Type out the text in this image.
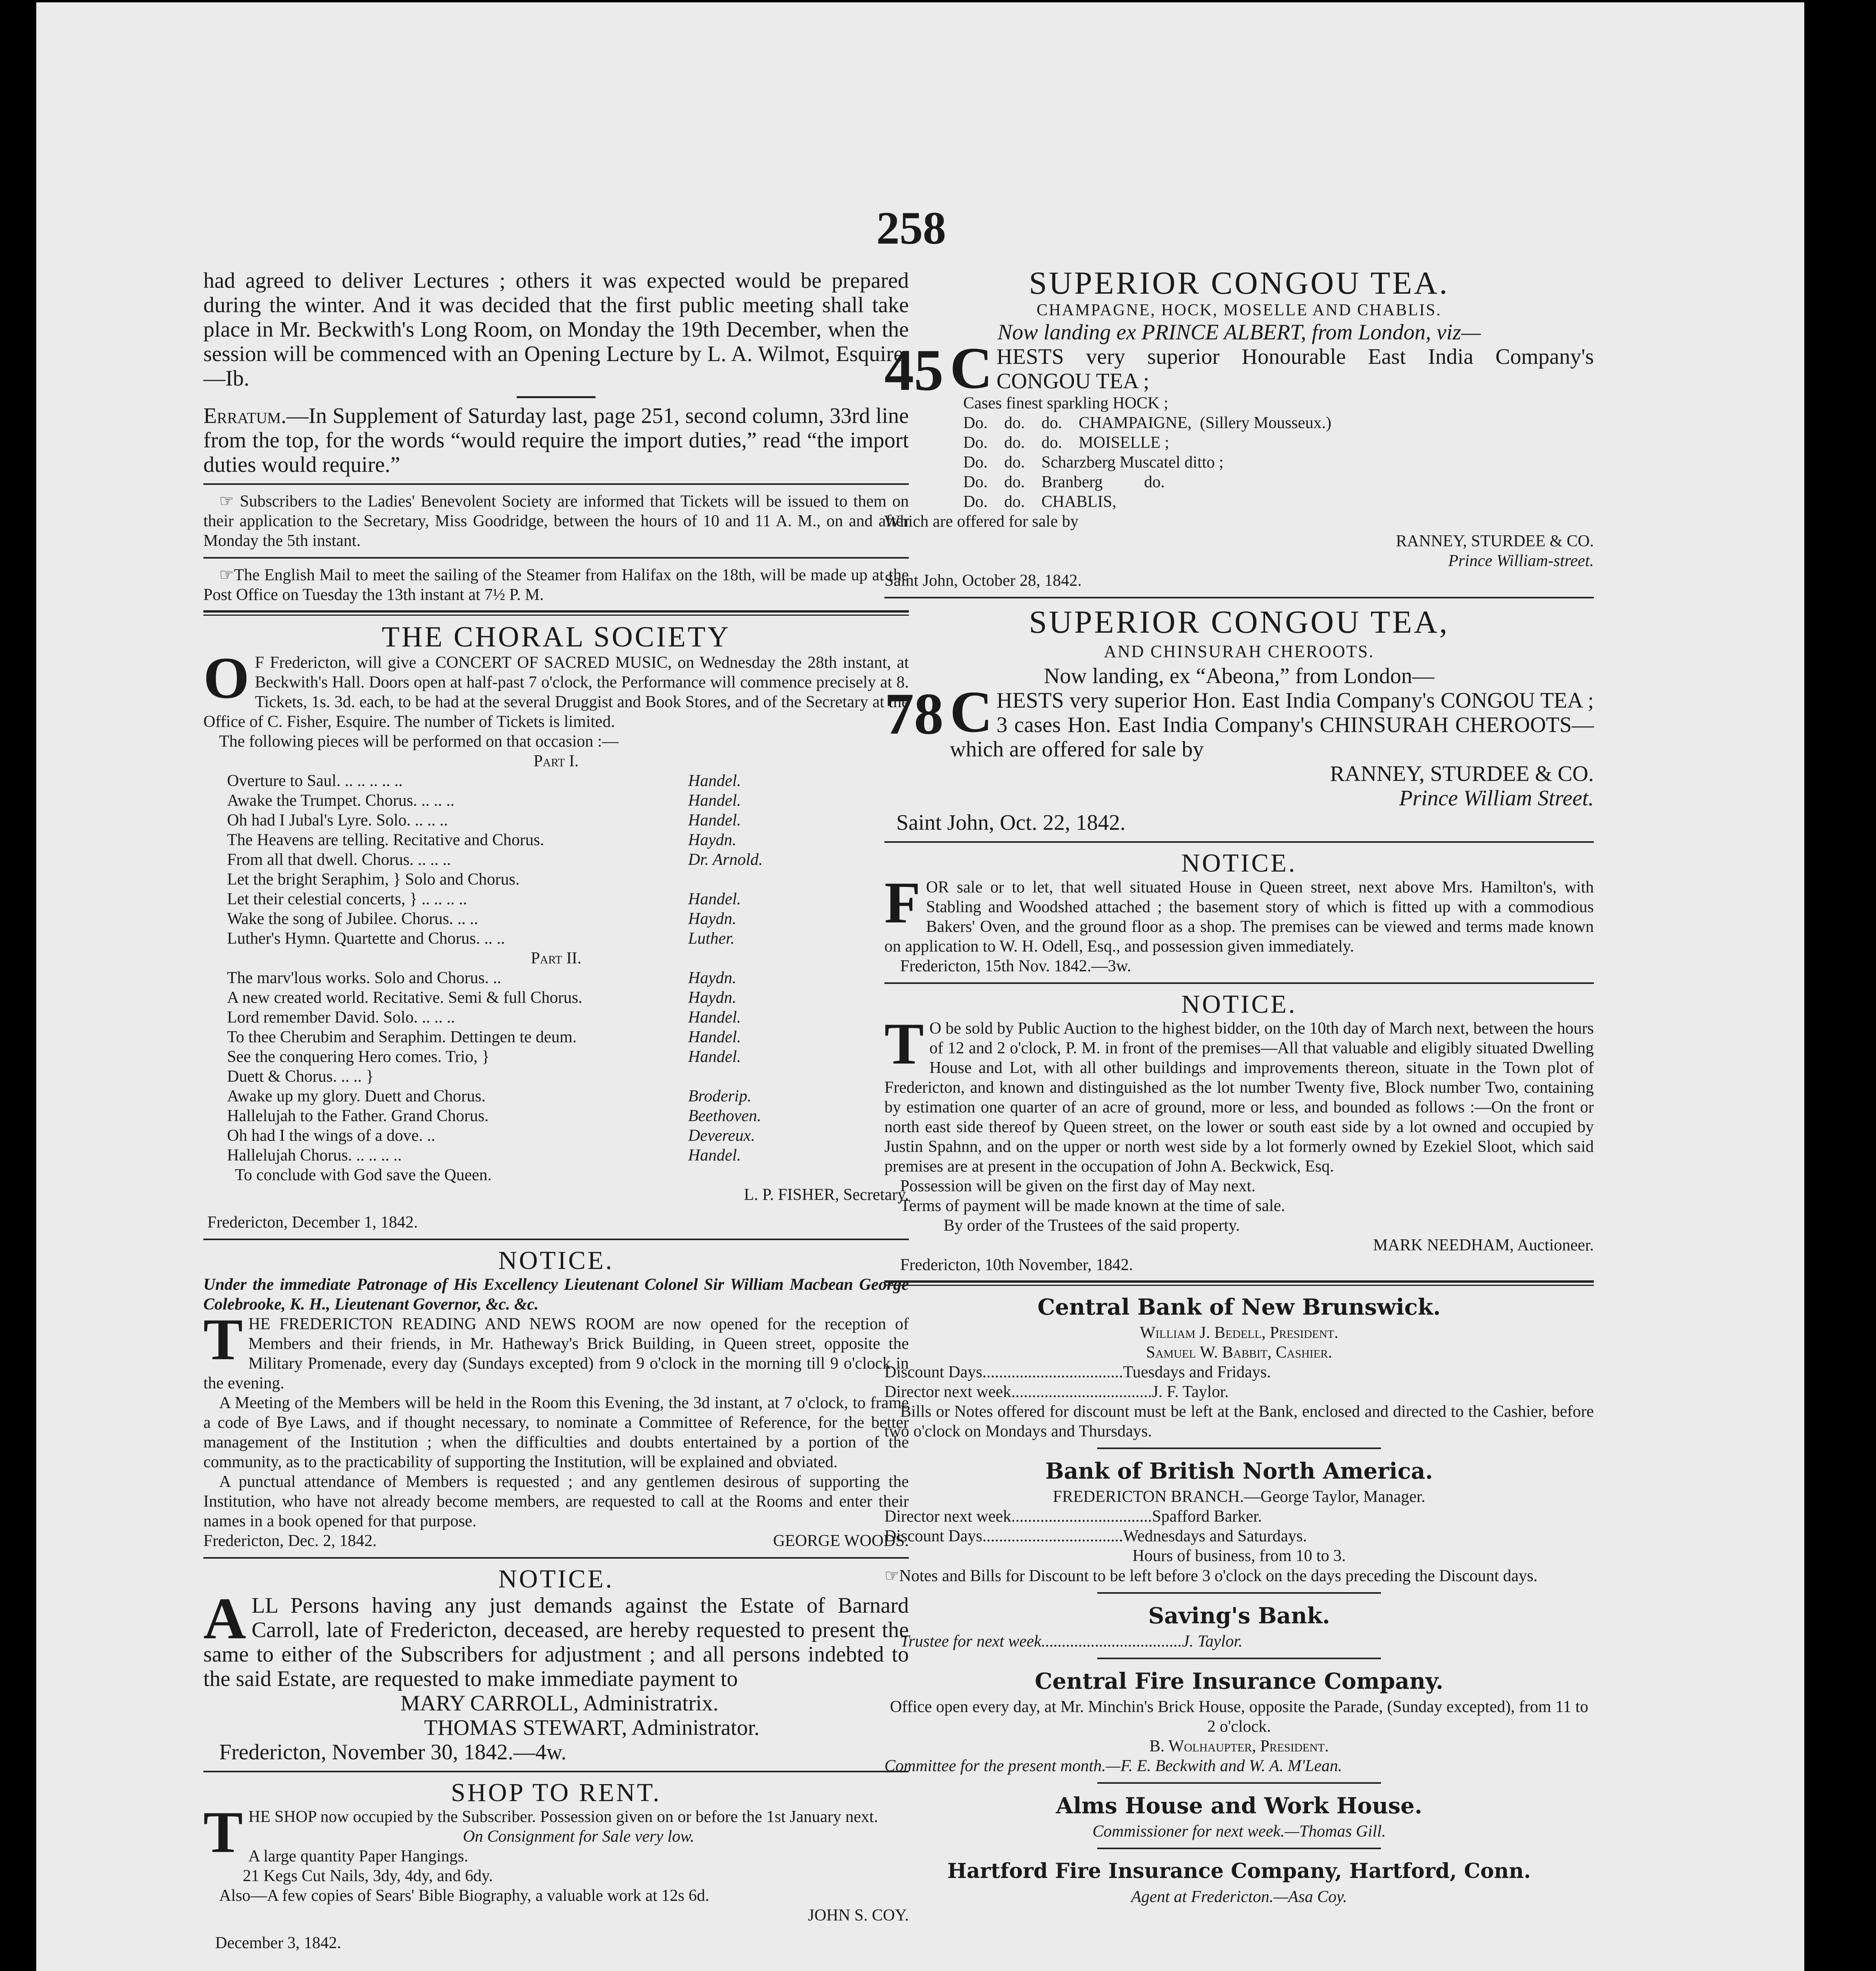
258

had agreed to deliver Lectures ; others it was expected would be prepared during the winter. And it was decided that the first public meeting shall take place in Mr. Beckwith's Long Room, on Monday the 19th December, when the session will be commenced with an Opening Lecture by L. A. Wilmot, Esquire.—Ib.

Erratum.—In Supplement of Saturday last, page 251, second column, 33rd line from the top, for the words “would require the import duties,” read “the import duties would require.”

☞ Subscribers to the Ladies' Benevolent Society are informed that Tickets will be issued to them on their application to the Secretary, Miss Goodridge, between the hours of 10 and 11 A. M., on and after Monday the 5th instant.

☞The English Mail to meet the sailing of the Steamer from Halifax on the 18th, will be made up at the Post Office on Tuesday the 13th instant at 7½ P. M.

THE CHORAL SOCIETY

O F Fredericton, will give a CONCERT OF SACRED MUSIC, on Wednesday the 28th instant, at Beckwith's Hall. Doors open at half-past 7 o'clock, the Performance will commence precisely at 8. Tickets, 1s. 3d. each, to be had at the several Druggist and Book Stores, and of the Secretary at the Office of C. Fisher, Esquire. The number of Tickets is limited.

The following pieces will be performed on that occasion :—

Part I.
Overture to Saul. .. .. .. .. ..	Handel.
Awake the Trumpet. Chorus. .. .. ..	Handel.
Oh had I Jubal's Lyre. Solo. .. .. ..	Handel.
The Heavens are telling. Recitative and Chorus.	Haydn.
From all that dwell. Chorus. .. .. ..	Dr. Arnold.
Let the bright Seraphim, } Solo and Chorus.
Let their celestial concerts, } .. .. .. ..	Handel.
Wake the song of Jubilee. Chorus. .. ..	Haydn.
Luther's Hymn. Quartette and Chorus. .. ..	Luther.
Part II.
The marv'lous works. Solo and Chorus. ..	Haydn.
A new created world. Recitative. Semi & full Chorus.	Haydn.
Lord remember David. Solo. .. .. ..	Handel.
To thee Cherubim and Seraphim. Dettingen te deum.	Handel.
See the conquering Hero comes. Trio, }	Handel.
Duett & Chorus. .. .. }
Awake up my glory. Duett and Chorus.	Broderip.
Hallelujah to the Father. Grand Chorus.	Beethoven.
Oh had I the wings of a dove. ..	Devereux.
Hallelujah Chorus. .. .. .. ..	Handel.
To conclude with God save the Queen.
L. P. FISHER, Secretary.
Fredericton, December 1, 1842.
NOTICE.

Under the immediate Patronage of His Excellency Lieutenant Colonel Sir William Macbean George Colebrooke, K. H., Lieutenant Governor, &c. &c.

THE FREDERICTON READING AND NEWS ROOM are now opened for the reception of Members and their friends, in Mr. Hatheway's Brick Building, in Queen street, opposite the Military Promenade, every day (Sundays excepted) from 9 o'clock in the morning till 9 o'clock in the evening.

A Meeting of the Members will be held in the Room this Evening, the 3d instant, at 7 o'clock, to frame a code of Bye Laws, and if thought necessary, to nominate a Committee of Reference, for the better management of the Institution ; when the difficulties and doubts entertained by a portion of the community, as to the practicability of supporting the Institution, will be explained and obviated.

A punctual attendance of Members is requested ; and any gentlemen desirous of supporting the Institution, who have not already become members, are requested to call at the Rooms and enter their names in a book opened for that purpose.

Fredericton, Dec. 2, 1842.	GEORGE WOODS.
NOTICE.

ALL Persons having any just demands against the Estate of Barnard Carroll, late of Fredericton, deceased, are hereby requested to present the same to either of the Subscribers for adjustment ; and all persons indebted to the said Estate, are requested to make immediate payment to

MARY CARROLL, Administratrix.
THOMAS STEWART, Administrator.
Fredericton, November 30, 1842.—4w.
SHOP TO RENT.

THE SHOP now occupied by the Subscriber. Possession given on or before the 1st January next.

On Consignment for Sale very low.
A large quantity Paper Hangings.
21 Kegs Cut Nails, 3dy, 4dy, and 6dy.
Also—A few copies of Sears' Bible Biography, a valuable work at 12s 6d.
JOHN S. COY.
December 3, 1842.
SUPERIOR CONGOU TEA.
CHAMPAGNE, HOCK, MOSELLE AND CHABLIS.
Now landing ex PRINCE ALBERT, from London, viz—

45 C HESTS very superior Honourable East India Company's CONGOU TEA ;

Cases finest sparkling HOCK ;
Do.    do.    do.    CHAMPAIGNE,  (Sillery Mousseux.)
Do.    do.    do.    MOISELLE ;
Do.    do.    Scharzberg Muscatel ditto ;
Do.    do.    Branberg          do.
Do.    do.    CHABLIS,
Which are offered for sale by
RANNEY, STURDEE & CO.
Prince William-street.
Saint John, October 28, 1842.
SUPERIOR CONGOU TEA,
AND CHINSURAH CHEROOTS.
Now landing, ex “Abeona,” from London—

78 C HESTS very superior Hon. East India Company's CONGOU TEA ; 3 cases Hon. East India Company's CHINSURAH CHEROOTS—which are offered for sale by

RANNEY, STURDEE & CO.
Prince William Street.
Saint John, Oct. 22, 1842.
NOTICE.

FOR sale or to let, that well situated House in Queen street, next above Mrs. Hamilton's, with Stabling and Woodshed attached ; the basement story of which is fitted up with a commodious Bakers' Oven, and the ground floor as a shop. The premises can be viewed and terms made known on application to W. H. Odell, Esq., and possession given immediately.

Fredericton, 15th Nov. 1842.—3w.
NOTICE.

T O be sold by Public Auction to the highest bidder, on the 10th day of March next, between the hours of 12 and 2 o'clock, P. M. in front of the premises—All that valuable and eligibly situated Dwelling House and Lot, with all other buildings and improvements thereon, situate in the Town plot of Fredericton, and known and distinguished as the lot number Twenty five, Block number Two, containing by estimation one quarter of an acre of ground, more or less, and bounded as follows :—On the front or north east side thereof by Queen street, on the lower or south east side by a lot owned and occupied by Justin Spahnn, and on the upper or north west side by a lot formerly owned by Ezekiel Sloot, which said premises are at present in the occupation of John A. Beckwick, Esq.

Possession will be given on the first day of May next.
Terms of payment will be made known at the time of sale.
By order of the Trustees of the said property.
MARK NEEDHAM, Auctioneer.
Fredericton, 10th November, 1842.
Central Bank of New Brunswick.
William J. Bedell, President.
Samuel W. Babbit, Cashier.
Discount Days..................................Tuesdays and Fridays.
Director next week..................................J. F. Taylor.

Bills or Notes offered for discount must be left at the Bank, enclosed and directed to the Cashier, before two o'clock on Mondays and Thursdays.

Bank of British North America.
FREDERICTON BRANCH.—George Taylor, Manager.
Director next week..................................Spafford Barker.
Discount Days..................................Wednesdays and Saturdays.
Hours of business, from 10 to 3.

☞Notes and Bills for Discount to be left before 3 o'clock on the days preceding the Discount days.

Saving's Bank.
Trustee for next week..................................J. Taylor.
Central Fire Insurance Company.
Office open every day, at Mr. Minchin's Brick House, opposite the Parade, (Sunday excepted), from 11 to 2 o'clock.
B. Wolhaupter, President.
Committee for the present month.—F. E. Beckwith and W. A. M'Lean.
Alms House and Work House.
Commissioner for next week.—Thomas Gill.
Hartford Fire Insurance Company, Hartford, Conn.
Agent at Fredericton.—Asa Coy.
